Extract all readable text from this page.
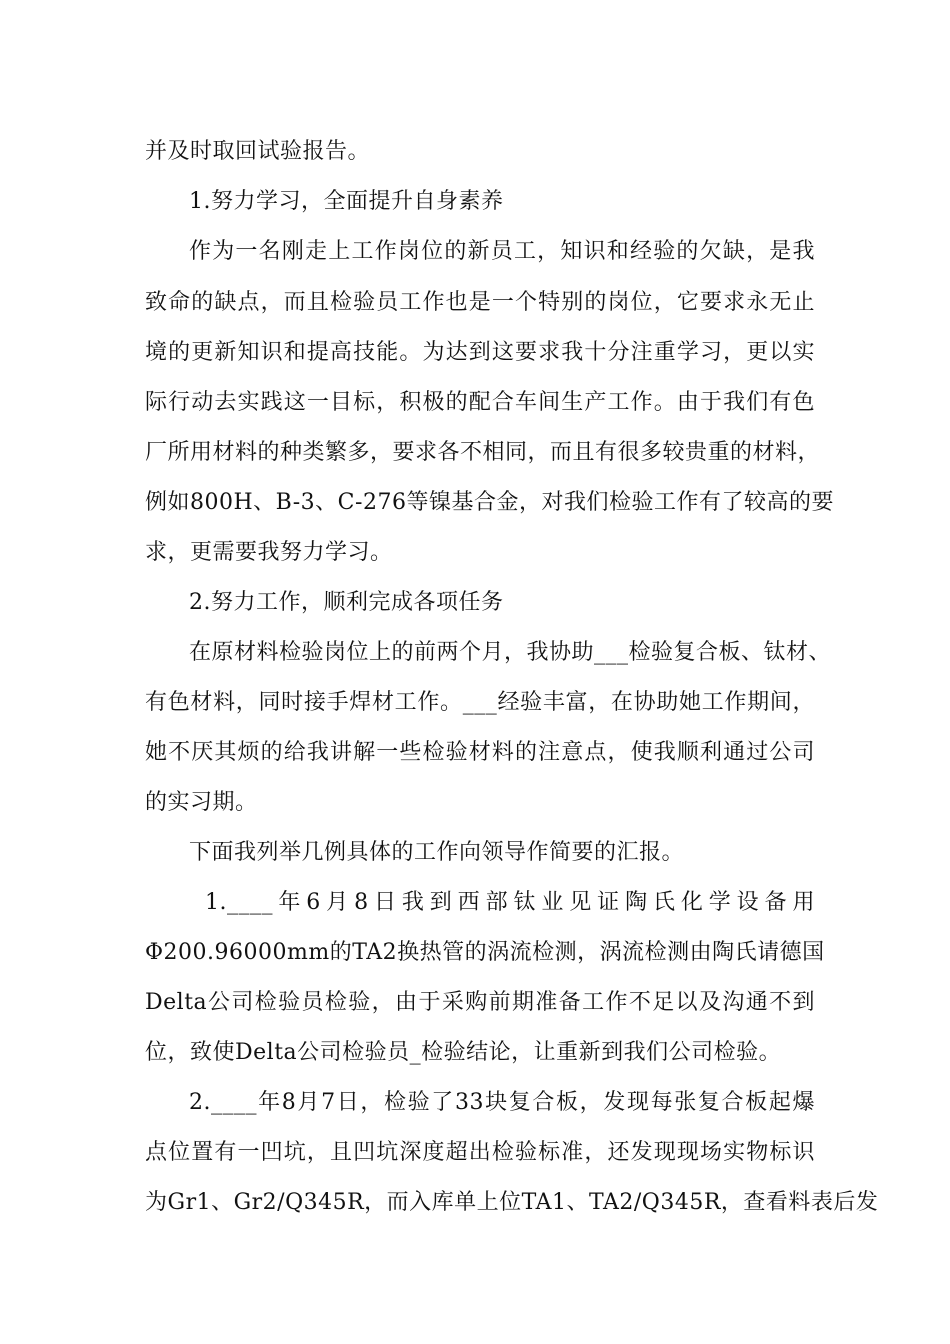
并及时取回试验报告。
1.努力学习，全面提升自身素养
作为一名刚走上工作岗位的新员工，知识和经验的欠缺，是我
致命的缺点，而且检验员工作也是一个特别的岗位，它要求永无止
境的更新知识和提高技能。为达到这要求我十分注重学习，更以实
际行动去实践这一目标，积极的配合车间生产工作。由于我们有色
厂所用材料的种类繁多，要求各不相同，而且有很多较贵重的材料，
例如800H、B-3、C-276等镍基合金，对我们检验工作有了较高的要
求，更需要我努力学习。
2.努力工作，顺利完成各项任务
在原材料检验岗位上的前两个月，我协助___检验复合板、钛材、
有色材料，同时接手焊材工作。___经验丰富，在协助她工作期间，
她不厌其烦的给我讲解一些检验材料的注意点，使我顺利通过公司
的实习期。
下面我列举几例具体的工作向领导作简要的汇报。
1.____年6月8日我到西部钛业见证陶氏化学设备用
Φ200.96000mm的TA2换热管的涡流检测，涡流检测由陶氏请德国
Delta公司检验员检验，由于采购前期准备工作不足以及沟通不到
位，致使Delta公司检验员_检验结论，让重新到我们公司检验。
2.____年8月7日，检验了33块复合板，发现每张复合板起爆
点位置有一凹坑，且凹坑深度超出检验标准，还发现现场实物标识
为Gr1、Gr2/Q345R，而入库单上位TA1、TA2/Q345R，查看料表后发
